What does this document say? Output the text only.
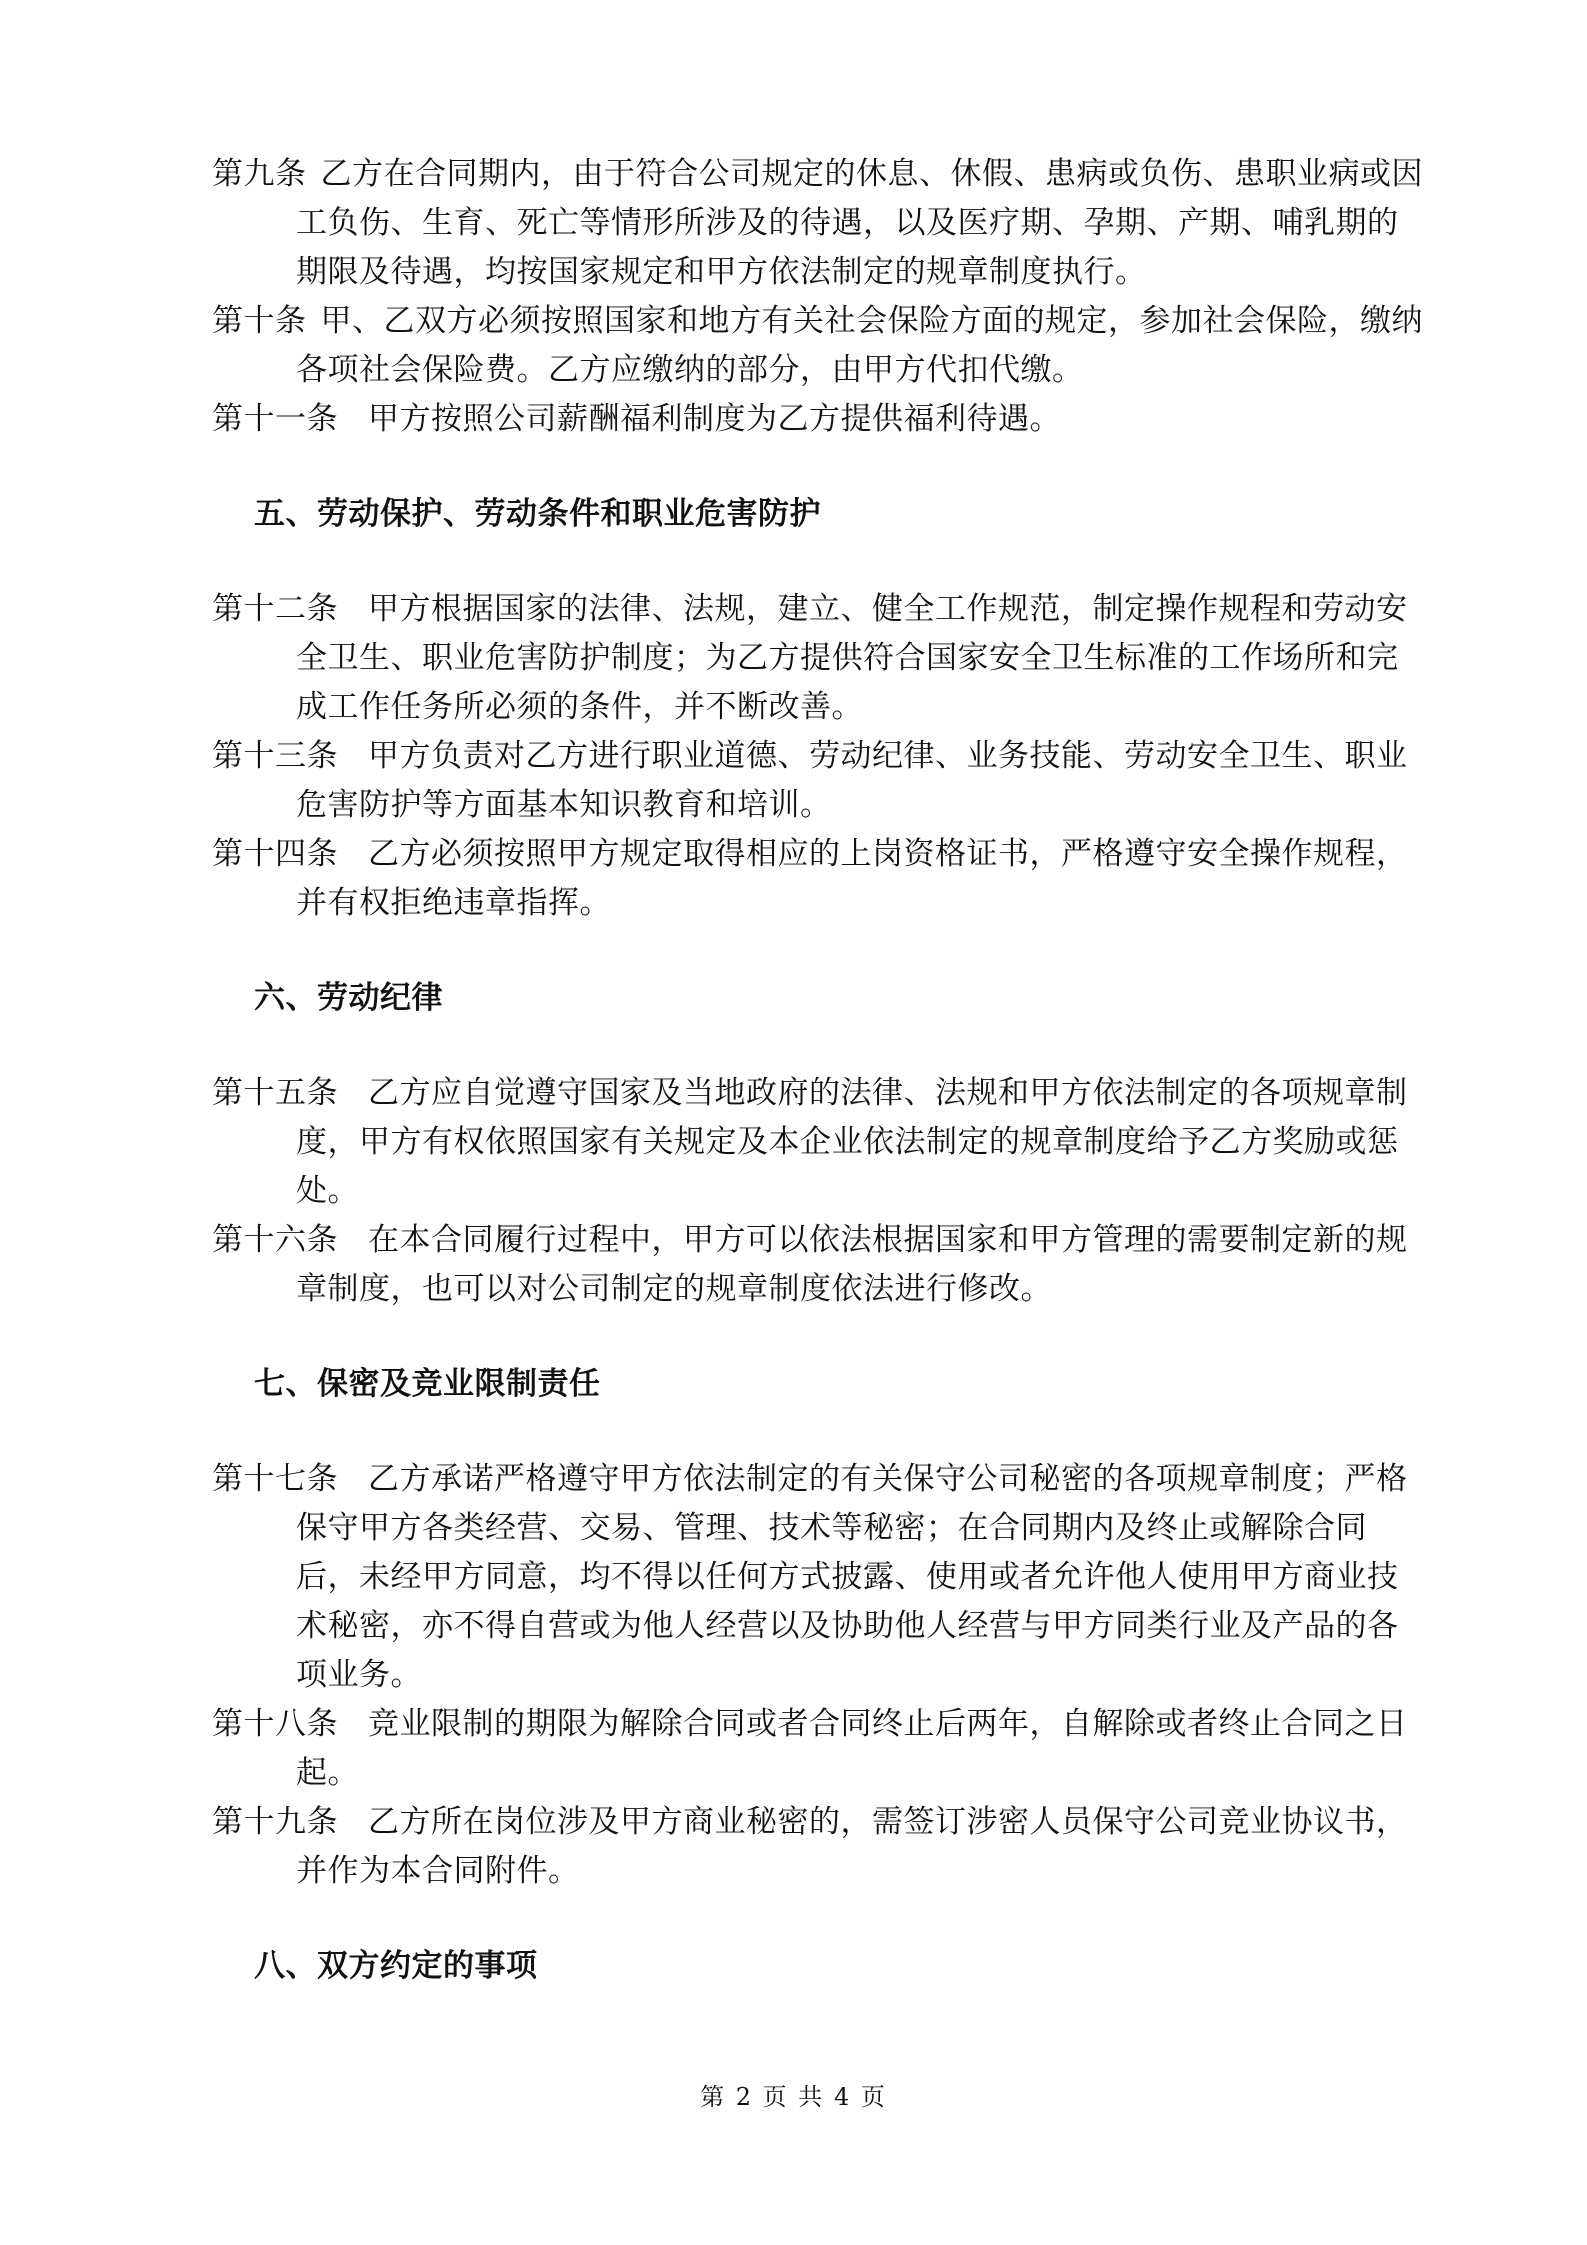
第九条 乙方在合同期内，由于符合公司规定的休息、休假、患病或负伤、患职业病或因工负伤、生育、死亡等情形所涉及的待遇，以及医疗期、孕期、产期、哺乳期的期限及待遇，均按国家规定和甲方依法制定的规章制度执行。

第十条 甲、乙双方必须按照国家和地方有关社会保险方面的规定，参加社会保险，缴纳各项社会保险费。乙方应缴纳的部分，由甲方代扣代缴。

第十一条 甲方按照公司薪酬福利制度为乙方提供福利待遇。

五、劳动保护、劳动条件和职业危害防护

第十二条 甲方根据国家的法律、法规，建立、健全工作规范，制定操作规程和劳动安全卫生、职业危害防护制度；为乙方提供符合国家安全卫生标准的工作场所和完成工作任务所必须的条件，并不断改善。

第十三条 甲方负责对乙方进行职业道德、劳动纪律、业务技能、劳动安全卫生、职业危害防护等方面基本知识教育和培训。

第十四条 乙方必须按照甲方规定取得相应的上岗资格证书，严格遵守安全操作规程，并有权拒绝违章指挥。

六、劳动纪律

第十五条 乙方应自觉遵守国家及当地政府的法律、法规和甲方依法制定的各项规章制度，甲方有权依照国家有关规定及本企业依法制定的规章制度给予乙方奖励或惩处。

第十六条 在本合同履行过程中，甲方可以依法根据国家和甲方管理的需要制定新的规章制度，也可以对公司制定的规章制度依法进行修改。

七、保密及竞业限制责任

第十七条 乙方承诺严格遵守甲方依法制定的有关保守公司秘密的各项规章制度；严格保守甲方各类经营、交易、管理、技术等秘密；在合同期内及终止或解除合同后，未经甲方同意，均不得以任何方式披露、使用或者允许他人使用甲方商业技术秘密，亦不得自营或为他人经营以及协助他人经营与甲方同类行业及产品的各项业务。

第十八条 竞业限制的期限为解除合同或者合同终止后两年，自解除或者终止合同之日起。

第十九条 乙方所在岗位涉及甲方商业秘密的，需签订涉密人员保守公司竞业协议书，并作为本合同附件。

八、双方约定的事项

第 2 页 共 4 页
